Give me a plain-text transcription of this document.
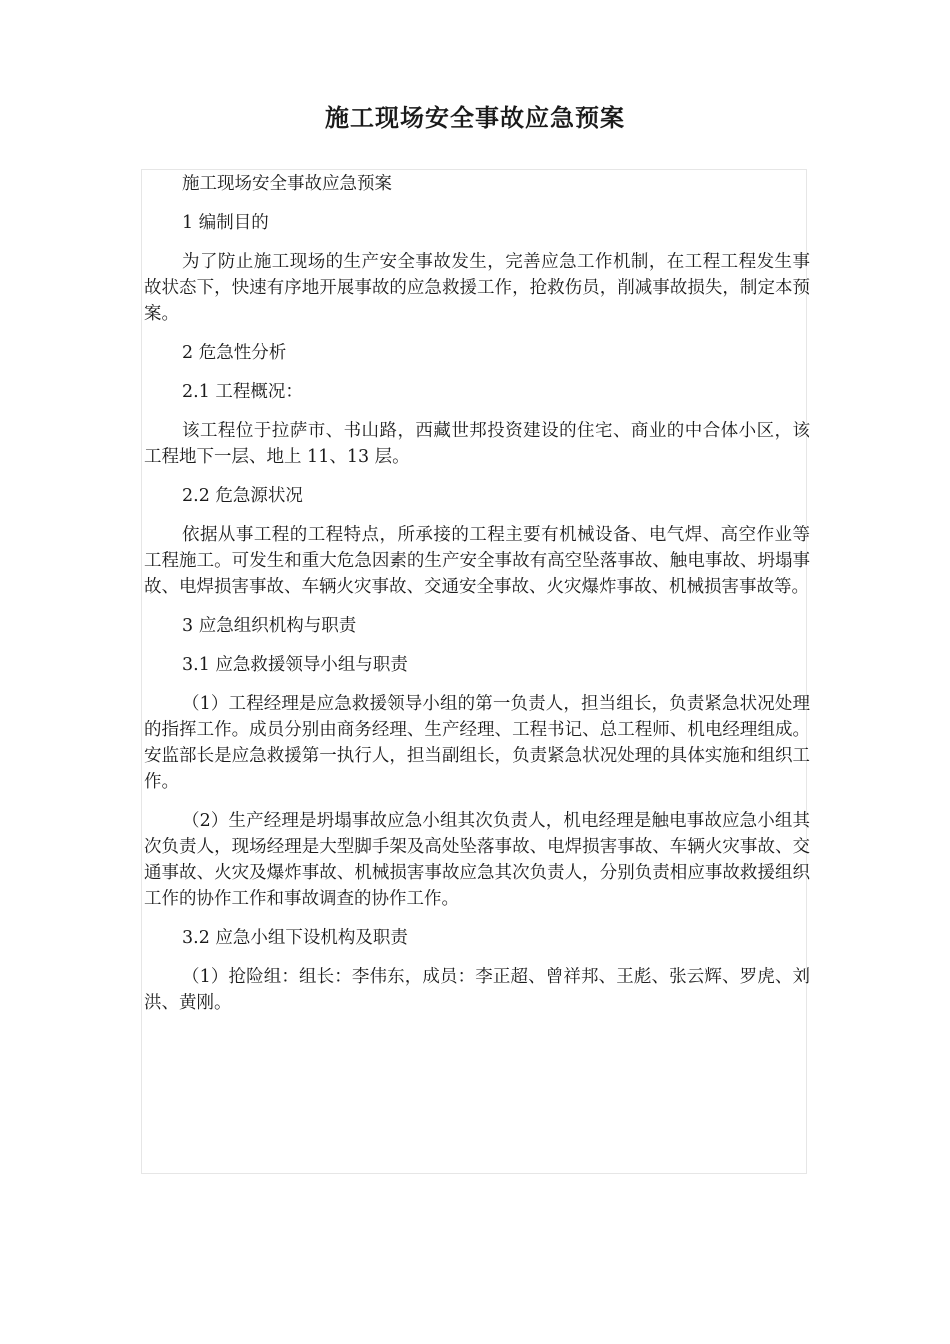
施工现场安全事故应急预案

施工现场安全事故应急预案

1 编制目的

为了防止施工现场的生产安全事故发生，完善应急工作机制，在工程工程发生事故状态下，快速有序地开展事故的应急救援工作，抢救伤员，削减事故损失，制定本预案。

2 危急性分析

2.1 工程概况：

该工程位于拉萨市、书山路，西藏世邦投资建设的住宅、商业的中合体小区，该工程地下一层、地上 11、13 层。

2.2 危急源状况

依据从事工程的工程特点，所承接的工程主要有机械设备、电气焊、高空作业等工程施工。可发生和重大危急因素的生产安全事故有高空坠落事故、触电事故、坍塌事故、电焊损害事故、车辆火灾事故、交通安全事故、火灾爆炸事故、机械损害事故等。

3 应急组织机构与职责

3.1 应急救援领导小组与职责

（1）工程经理是应急救援领导小组的第一负责人，担当组长，负责紧急状况处理的指挥工作。成员分别由商务经理、生产经理、工程书记、总工程师、机电经理组成。安监部长是应急救援第一执行人，担当副组长，负责紧急状况处理的具体实施和组织工作。

（2）生产经理是坍塌事故应急小组其次负责人，机电经理是触电事故应急小组其次负责人，现场经理是大型脚手架及高处坠落事故、电焊损害事故、车辆火灾事故、交通事故、火灾及爆炸事故、机械损害事故应急其次负责人，分别负责相应事故救援组织工作的协作工作和事故调查的协作工作。

3.2 应急小组下设机构及职责

（1）抢险组：组长：李伟东，成员：李正超、曾祥邦、王彪、张云辉、罗虎、刘洪、黄刚。
